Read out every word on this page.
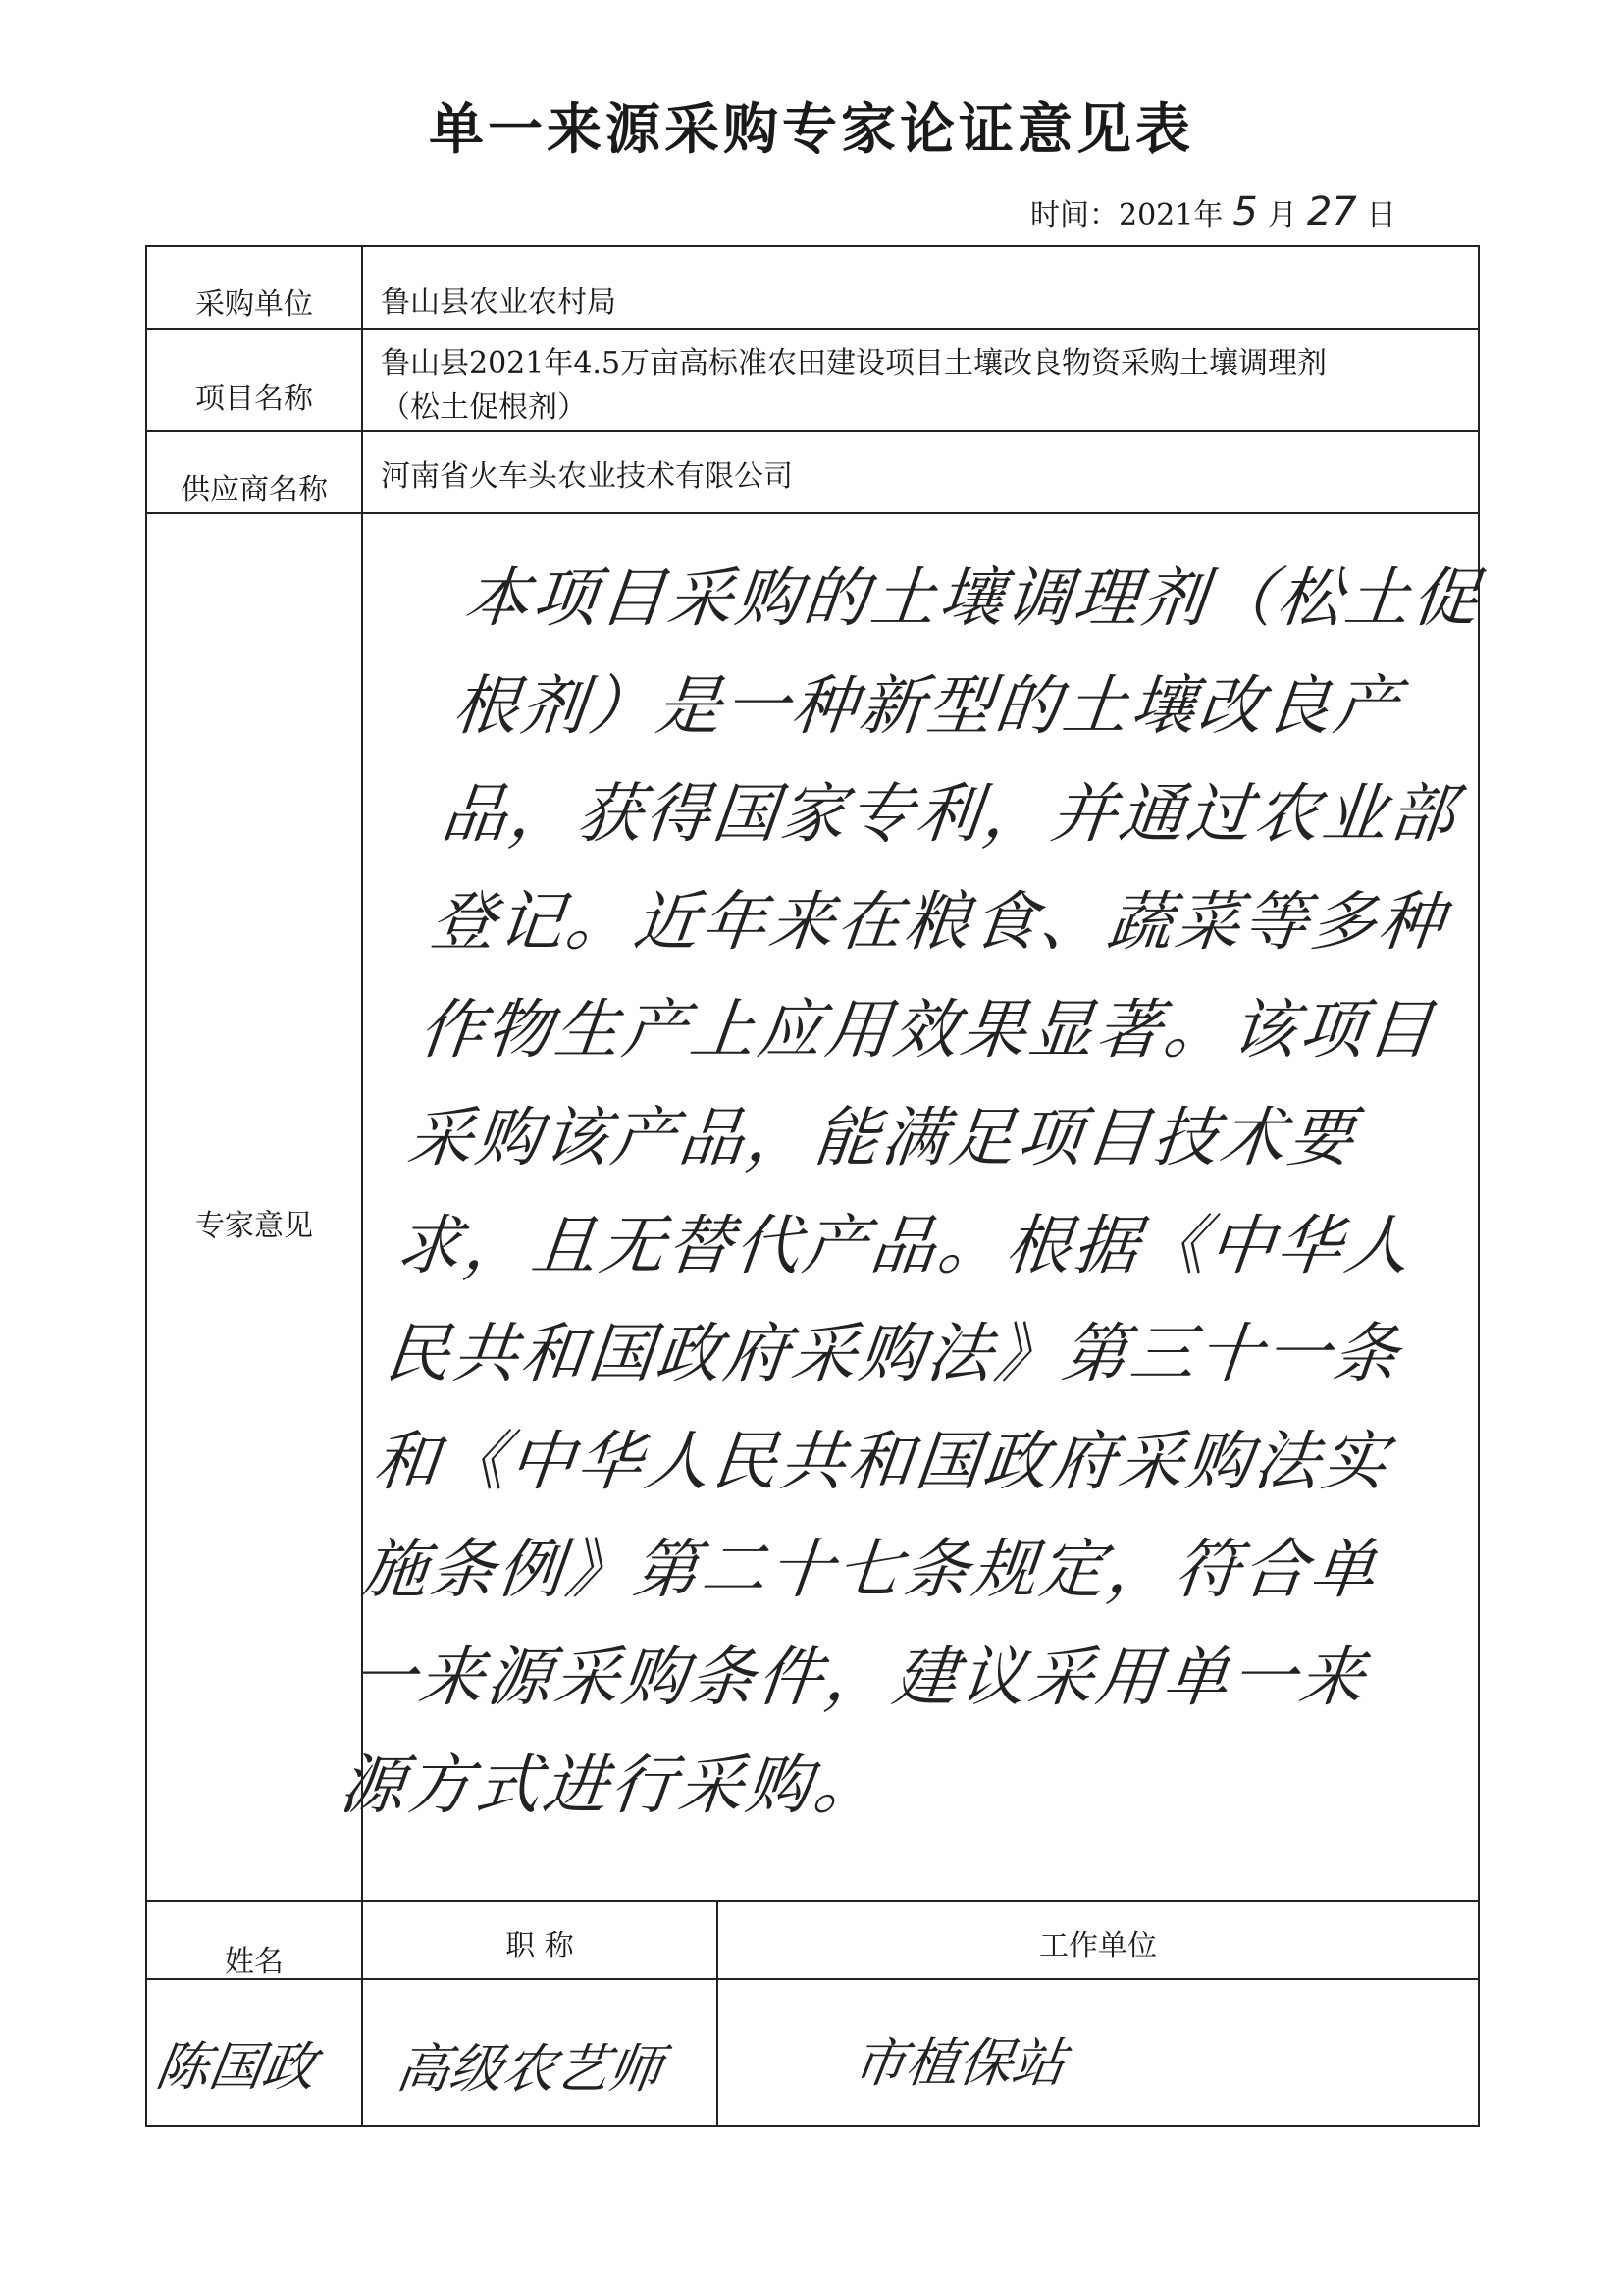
单一来源采购专家论证意见表
时间：2021年 5 月 27 日
采购单位	鲁山县农业农村局
项目名称
鲁山县2021年4.5万亩高标准农田建设项目土壤改良物资采购土壤调理剂
（松土促根剂）
供应商名称	河南省火车头农业技术有限公司
专家意见
本项目采购的土壤调理剂（松土促根剂）是一种新型的土壤改良产品，获得国家专利，并通过农业部登记。近年来在粮食、蔬菜等多种作物生产上应用效果显著。该项目采购该产品，能满足项目技术要求，且无替代产品。根据《中华人民共和国政府采购法》第三十一条和《中华人民共和国政府采购法实施条例》第二十七条规定，符合单一来源采购条件，建议采用单一来源方式进行采购。
姓名	职 称	工作单位
陈国政 高级农艺师	市植保站
